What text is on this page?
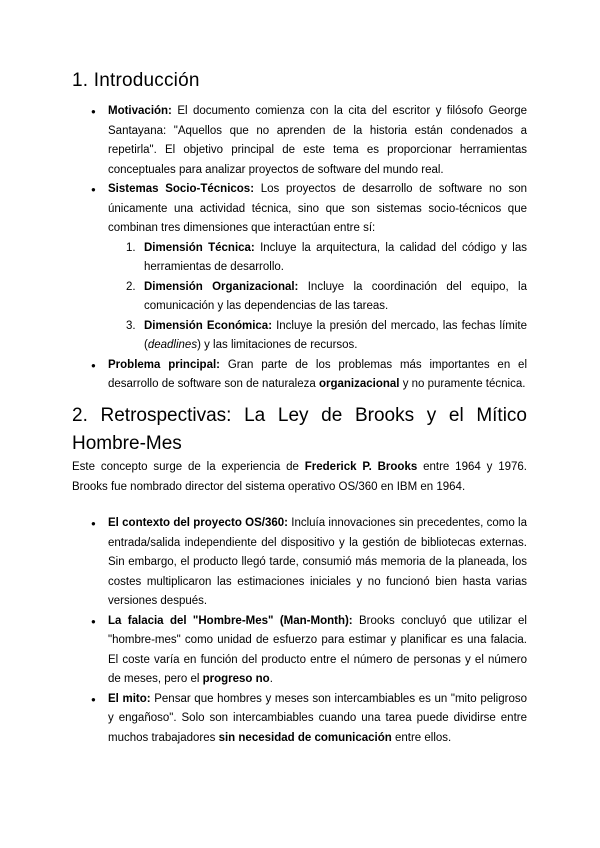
1. Introducción
● Motivación: El documento comienza con la cita del escritor y filósofo George Santayana: "Aquellos que no aprenden de la historia están condenados a repetirla". El objetivo principal de este tema es proporcionar herramientas conceptuales para analizar proyectos de software del mundo real.
● Sistemas Socio-Técnicos: Los proyectos de desarrollo de software no son únicamente una actividad técnica, sino que son sistemas socio-técnicos que combinan tres dimensiones que interactúan entre sí:
1. Dimensión Técnica: Incluye la arquitectura, la calidad del código y las herramientas de desarrollo.
2. Dimensión Organizacional: Incluye la coordinación del equipo, la comunicación y las dependencias de las tareas.
3. Dimensión Económica: Incluye la presión del mercado, las fechas límite (deadlines) y las limitaciones de recursos.
● Problema principal: Gran parte de los problemas más importantes en el desarrollo de software son de naturaleza organizacional y no puramente técnica.
2. Retrospectivas: La Ley de Brooks y el Mítico Hombre-Mes

Este concepto surge de la experiencia de Frederick P. Brooks entre 1964 y 1976. Brooks fue nombrado director del sistema operativo OS/360 en IBM en 1964.

● El contexto del proyecto OS/360: Incluía innovaciones sin precedentes, como la entrada/salida independiente del dispositivo y la gestión de bibliotecas externas. Sin embargo, el producto llegó tarde, consumió más memoria de la planeada, los costes multiplicaron las estimaciones iniciales y no funcionó bien hasta varias versiones después.
● La falacia del "Hombre-Mes" (Man-Month): Brooks concluyó que utilizar el "hombre-mes" como unidad de esfuerzo para estimar y planificar es una falacia. El coste varía en función del producto entre el número de personas y el número de meses, pero el progreso no.
● El mito: Pensar que hombres y meses son intercambiables es un "mito peligroso y engañoso". Solo son intercambiables cuando una tarea puede dividirse entre muchos trabajadores sin necesidad de comunicación entre ellos.
